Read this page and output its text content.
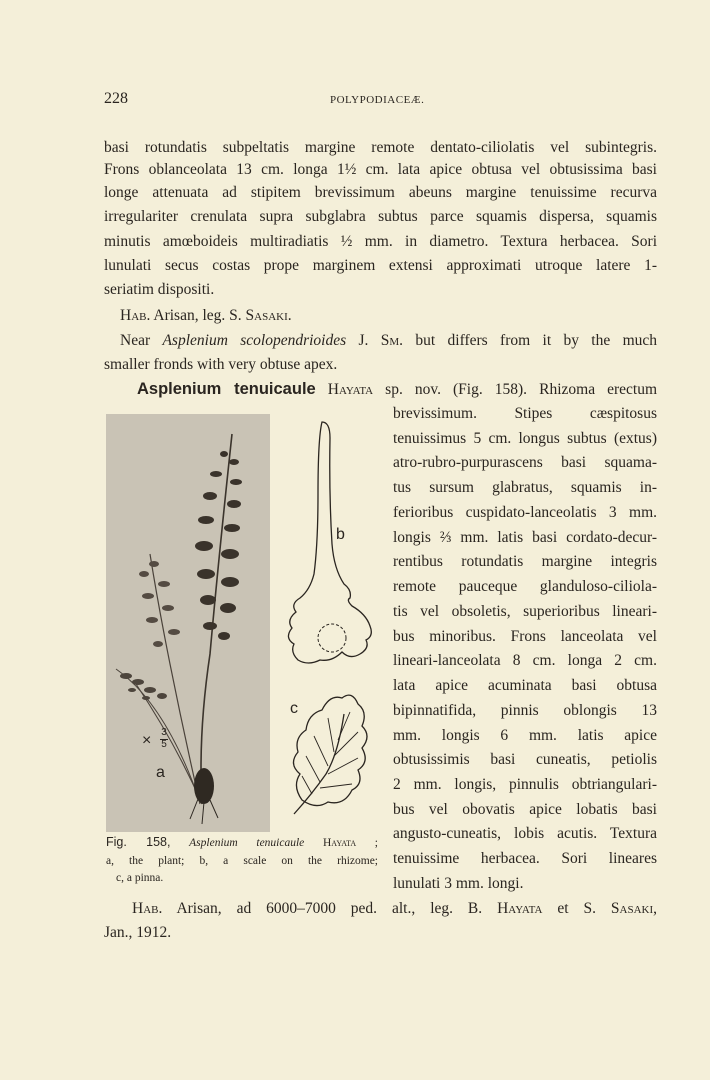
228	POLYPODIACEÆ.
basi rotundatis subpeltatis margine remote dentato-ciliolatis vel subintegris.
Frons oblanceolata 13 cm. longa 1½ cm. lata apice obtusa vel obtusissima basi
longe attenuata ad stipitem brevissimum abeuns margine tenuissime recurva
irregulariter crenulata supra subglabra subtus parce squamis dispersa, squamis
minutis amœboideis multiradiatis ½ mm. in diametro. Textura herbacea. Sori
lunulati secus costas prope marginem extensi approximati utroque latere 1-
seriatim dispositi.
Hab. Arisan, leg. S. Sasaki.
Near Asplenium scolopendrioides J. Sm. but differs from it by the much
smaller fronds with very obtuse apex.
Asplenium tenuicaule Hayata sp. nov. (Fig. 158). Rhizoma erectum
brevissimum. Stipes cæspitosus
tenuissimus 5 cm. longus subtus (extus)
atro-rubro-purpurascens basi squama-
tus sursum glabratus, squamis in-
ferioribus cuspidato-lanceolatis 3 mm.
longis ⅔ mm. latis basi cordato-decur-
rentibus rotundatis margine integris
remote pauceque glanduloso-ciliola-
tis vel obsoletis, superioribus lineari-
bus minoribus. Frons lanceolata vel
lineari-lanceolata 8 cm. longa 2 cm.
lata apice acuminata basi obtusa
bipinnatifida, pinnis oblongis 13
mm. longis 6 mm. latis apice
obtusissimis basi cuneatis, petiolis
2 mm. longis, pinnulis obtriangulari-
bus vel obovatis apice lobatis basi
angusto-cuneatis, lobis acutis. Textura
tenuissime herbacea. Sori lineares
lunulati 3 mm. longi.
× 3
5
a
b
c
Fig. 158, Asplenium tenuicaule Hayata ;
a, the plant; b, a scale on the rhizome;
c, a pinna.
Hab. Arisan, ad 6000–7000 ped. alt., leg. B. Hayata et S. Sasaki,
Jan., 1912.
